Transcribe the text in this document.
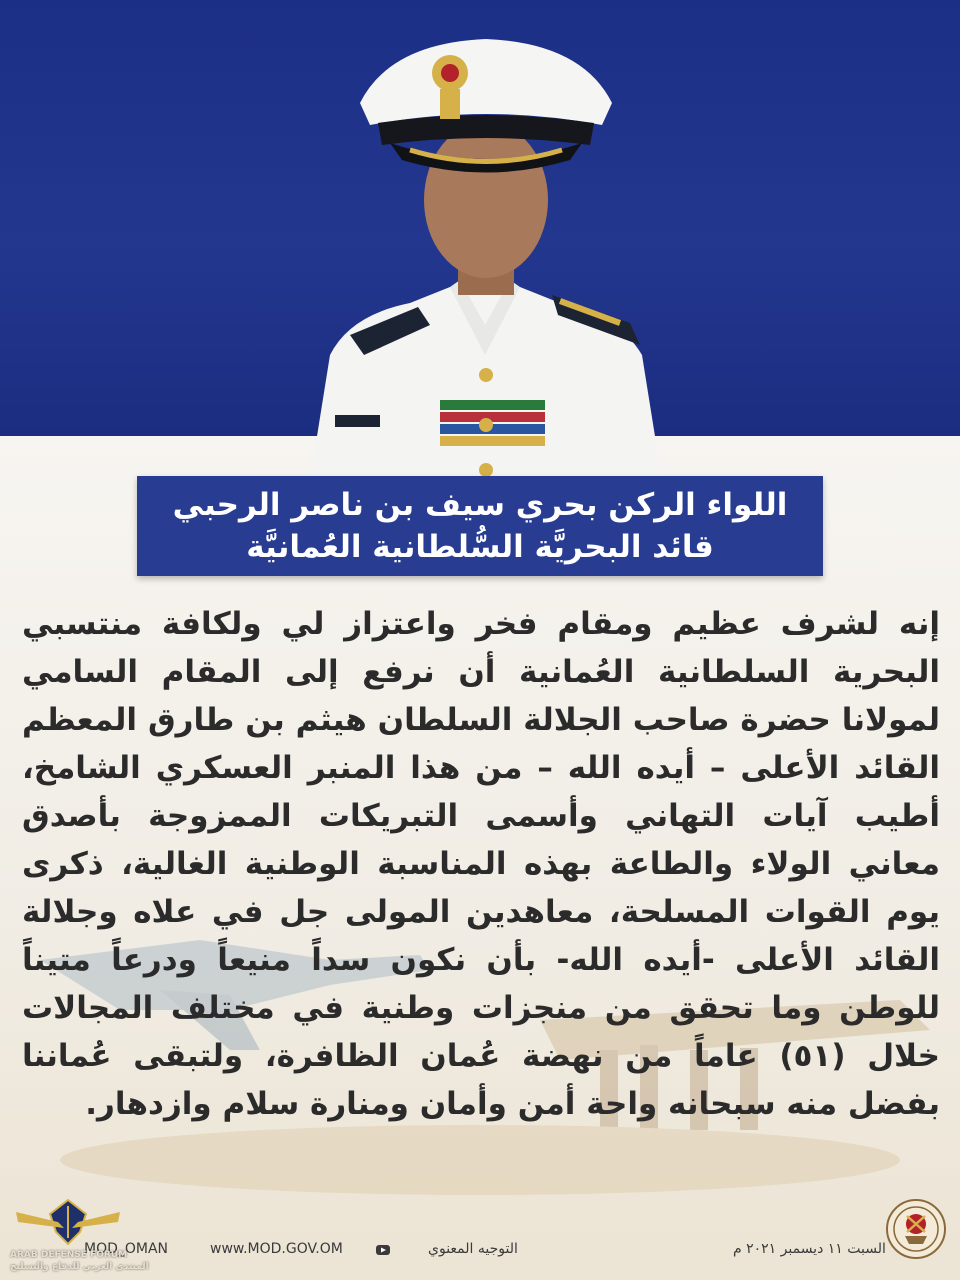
اللواء الركن بحري سيف بن ناصر الرحبي
قائد البحريَّة السُّلطانية العُمانيَّة
إنه لشرف عظيم ومقام فخر واعتزاز لي ولكافة منتسبي البحرية السلطانية العُمانية أن نرفع إلى المقام السامي لمولانا حضرة صاحب الجلالة السلطان هيثم بن طارق المعظم القائد الأعلى – أيده الله – من هذا المنبر العسكري الشامخ، أطيب آيات التهاني وأسمى التبريكات الممزوجة بأصدق معاني الولاء والطاعة بهذه المناسبة الوطنية الغالية، ذكرى يوم القوات المسلحة، معاهدين المولى جل في علاه وجلالة القائد الأعلى -أيده الله- بأن نكون سداً منيعاً ودرعاً متيناً للوطن وما تحقق من منجزات وطنية في مختلف المجالات خلال (٥١) عاماً من نهضة عُمان الظافرة، ولتبقى عُماننا بفضل منه سبحانه واحة أمن وأمان ومنارة سلام وازدهار.
السبت ١١ ديسمبر ٢٠٢١ م
التوجيه المعنوي
www.MOD.GOV.OM
MOD_OMAN
ARAB DEFENSE FORUM
المنتدى العربي للدفاع والتسليح
